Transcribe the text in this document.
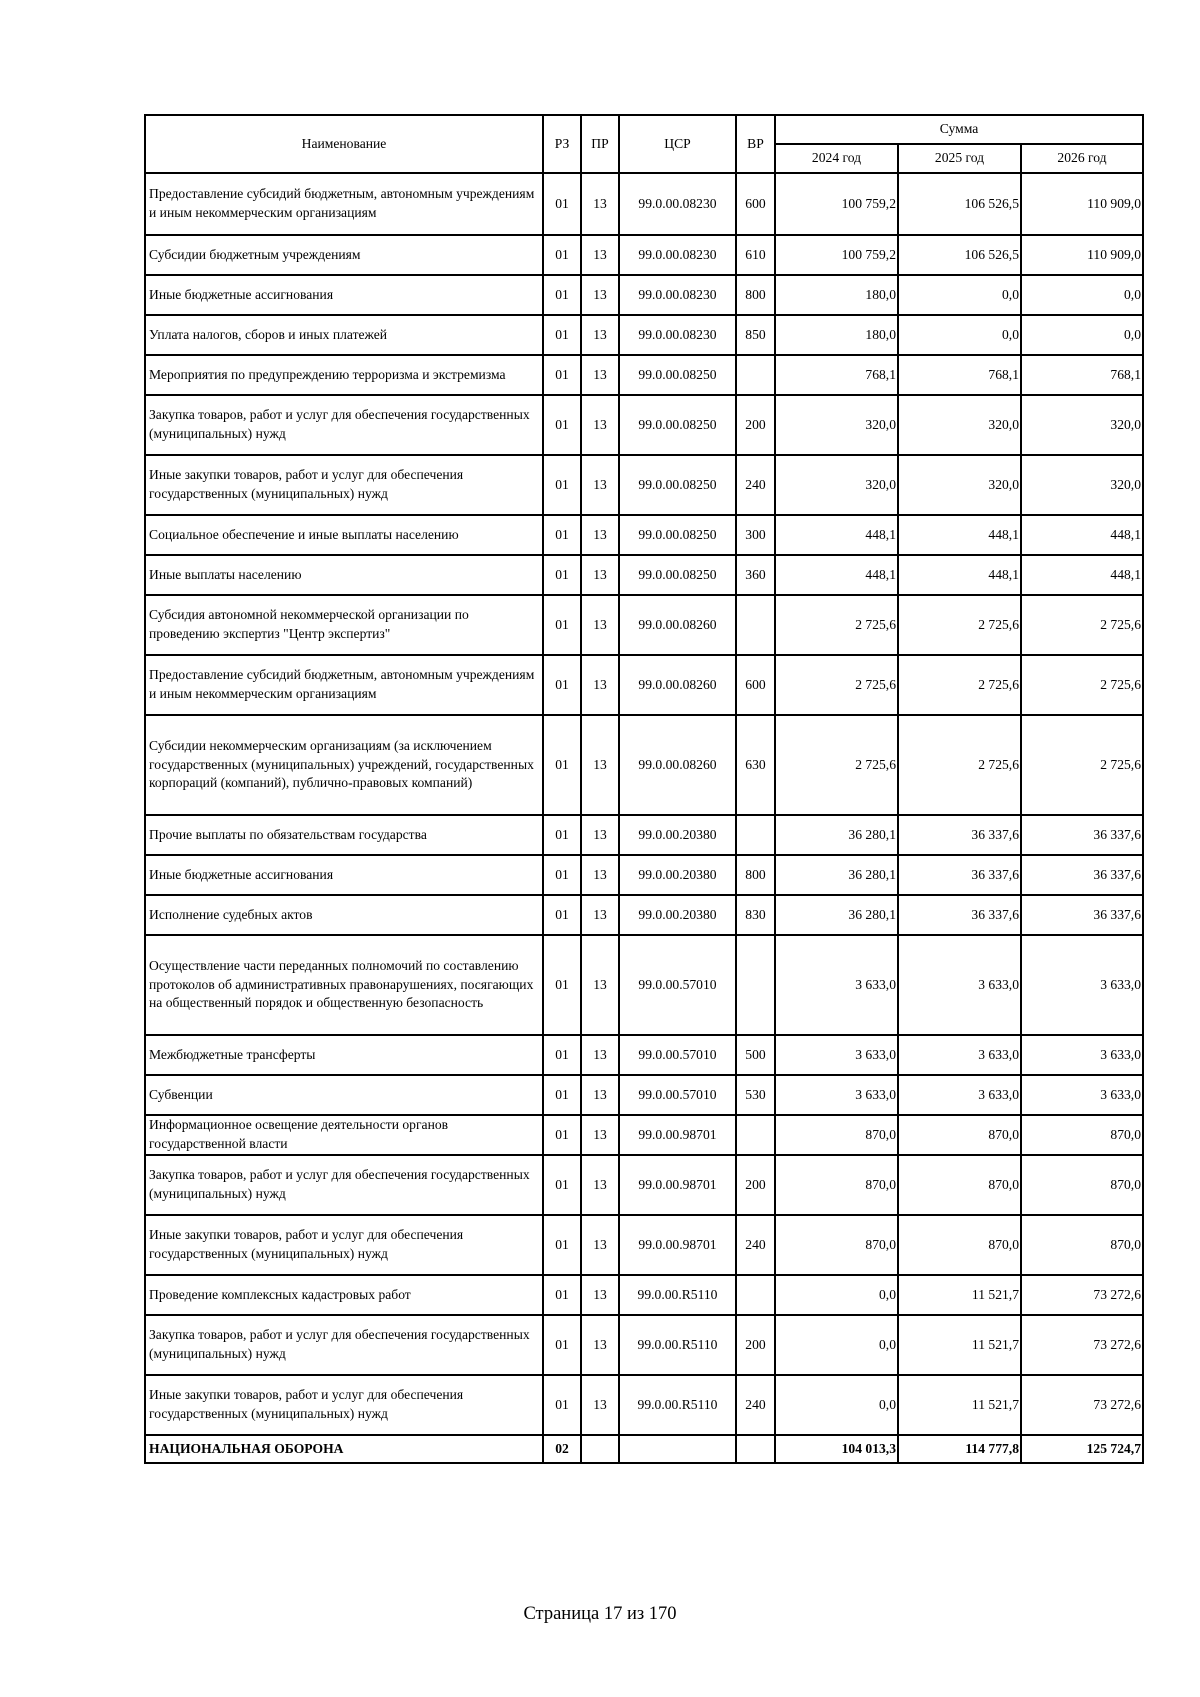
Наименование	РЗ	ПР	ЦСР	ВР	Сумма		
					2024 год	2025 год	2026 год
Предоставление субсидий бюджетным, автономным учреждениям и иным некоммерческим организациям	01	13	99.0.00.08230	600	100 759,2	106 526,5	110 909,0
Субсидии бюджетным учреждениям	01	13	99.0.00.08230	610	100 759,2	106 526,5	110 909,0
Иные бюджетные ассигнования	01	13	99.0.00.08230	800	180,0	0,0	0,0
Уплата налогов, сборов и иных платежей	01	13	99.0.00.08230	850	180,0	0,0	0,0
Мероприятия по предупреждению терроризма и экстремизма	01	13	99.0.00.08250		768,1	768,1	768,1
Закупка товаров, работ и услуг для обеспечения государственных (муниципальных) нужд	01	13	99.0.00.08250	200	320,0	320,0	320,0
Иные закупки товаров, работ и услуг для обеспечения государственных (муниципальных) нужд	01	13	99.0.00.08250	240	320,0	320,0	320,0
Социальное обеспечение и иные выплаты населению	01	13	99.0.00.08250	300	448,1	448,1	448,1
Иные выплаты населению	01	13	99.0.00.08250	360	448,1	448,1	448,1
Субсидия автономной некоммерческой организации по проведению экспертиз "Центр экспертиз"	01	13	99.0.00.08260		2 725,6	2 725,6	2 725,6
Предоставление субсидий бюджетным, автономным учреждениям и иным некоммерческим организациям	01	13	99.0.00.08260	600	2 725,6	2 725,6	2 725,6
Субсидии некоммерческим организациям (за исключением государственных (муниципальных) учреждений, государственных корпораций (компаний), публично-правовых компаний)	01	13	99.0.00.08260	630	2 725,6	2 725,6	2 725,6
Прочие выплаты по обязательствам государства	01	13	99.0.00.20380		36 280,1	36 337,6	36 337,6
Иные бюджетные ассигнования	01	13	99.0.00.20380	800	36 280,1	36 337,6	36 337,6
Исполнение судебных актов	01	13	99.0.00.20380	830	36 280,1	36 337,6	36 337,6
Осуществление части переданных полномочий по составлению протоколов об административных правонарушениях, посягающих на общественный порядок и общественную безопасность	01	13	99.0.00.57010		3 633,0	3 633,0	3 633,0
Межбюджетные трансферты	01	13	99.0.00.57010	500	3 633,0	3 633,0	3 633,0
Субвенции	01	13	99.0.00.57010	530	3 633,0	3 633,0	3 633,0
Информационное освещение деятельности органов государственной власти	01	13	99.0.00.98701		870,0	870,0	870,0
Закупка товаров, работ и услуг для обеспечения государственных (муниципальных) нужд	01	13	99.0.00.98701	200	870,0	870,0	870,0
Иные закупки товаров, работ и услуг для обеспечения государственных (муниципальных) нужд	01	13	99.0.00.98701	240	870,0	870,0	870,0
Проведение комплексных кадастровых работ	01	13	99.0.00.R5110		0,0	11 521,7	73 272,6
Закупка товаров, работ и услуг для обеспечения государственных (муниципальных) нужд	01	13	99.0.00.R5110	200	0,0	11 521,7	73 272,6
Иные закупки товаров, работ и услуг для обеспечения государственных (муниципальных) нужд	01	13	99.0.00.R5110	240	0,0	11 521,7	73 272,6
НАЦИОНАЛЬНАЯ ОБОРОНА	02				104 013,3	114 777,8	125 724,7
Страница 17 из 170
